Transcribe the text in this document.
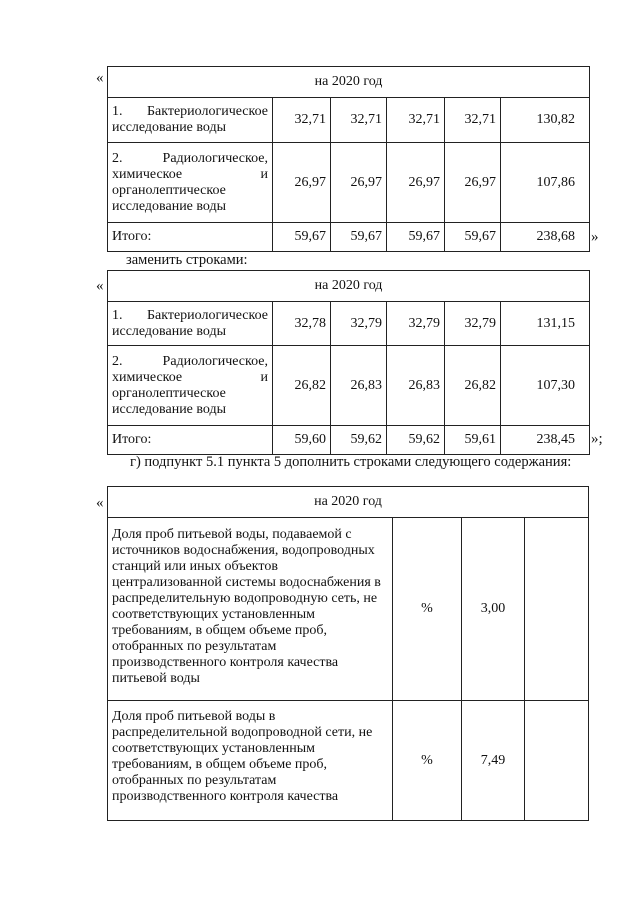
«	на 2020 год					
1. Бактериологическое исследование воды	32,71	32,71	32,71	32,71	130,82
2. Радиологическое, химическое и органолептическое исследование воды	26,97	26,97	26,97	26,97	107,86
Итого:	59,67	59,67	59,67	59,67	238,68 »
заменить строками:
«	на 2020 год					
1. Бактериологическое исследование воды	32,78	32,79	32,79	32,79	131,15
2. Радиологическое, химическое и органолептическое исследование воды	26,82	26,83	26,83	26,82	107,30
Итого:	59,60	59,62	59,62	59,61	238,45 »;
г) подпункт 5.1 пункта 5 дополнить строками следующего содержания:
«	на 2020 год			
Доля проб питьевой воды, подаваемой с источников водоснабжения, водопроводных станций или иных объектов централизованной системы водоснабжения в распределительную водопроводную сеть, не соответствующих установленным требованиям, в общем объеме проб, отобранных по результатам производственного контроля качества питьевой воды	%	3,00	
Доля проб питьевой воды в распределительной водопроводной сети, не соответствующих установленным требованиям, в общем объеме проб, отобранных по результатам производственного контроля качества	%	7,49	
